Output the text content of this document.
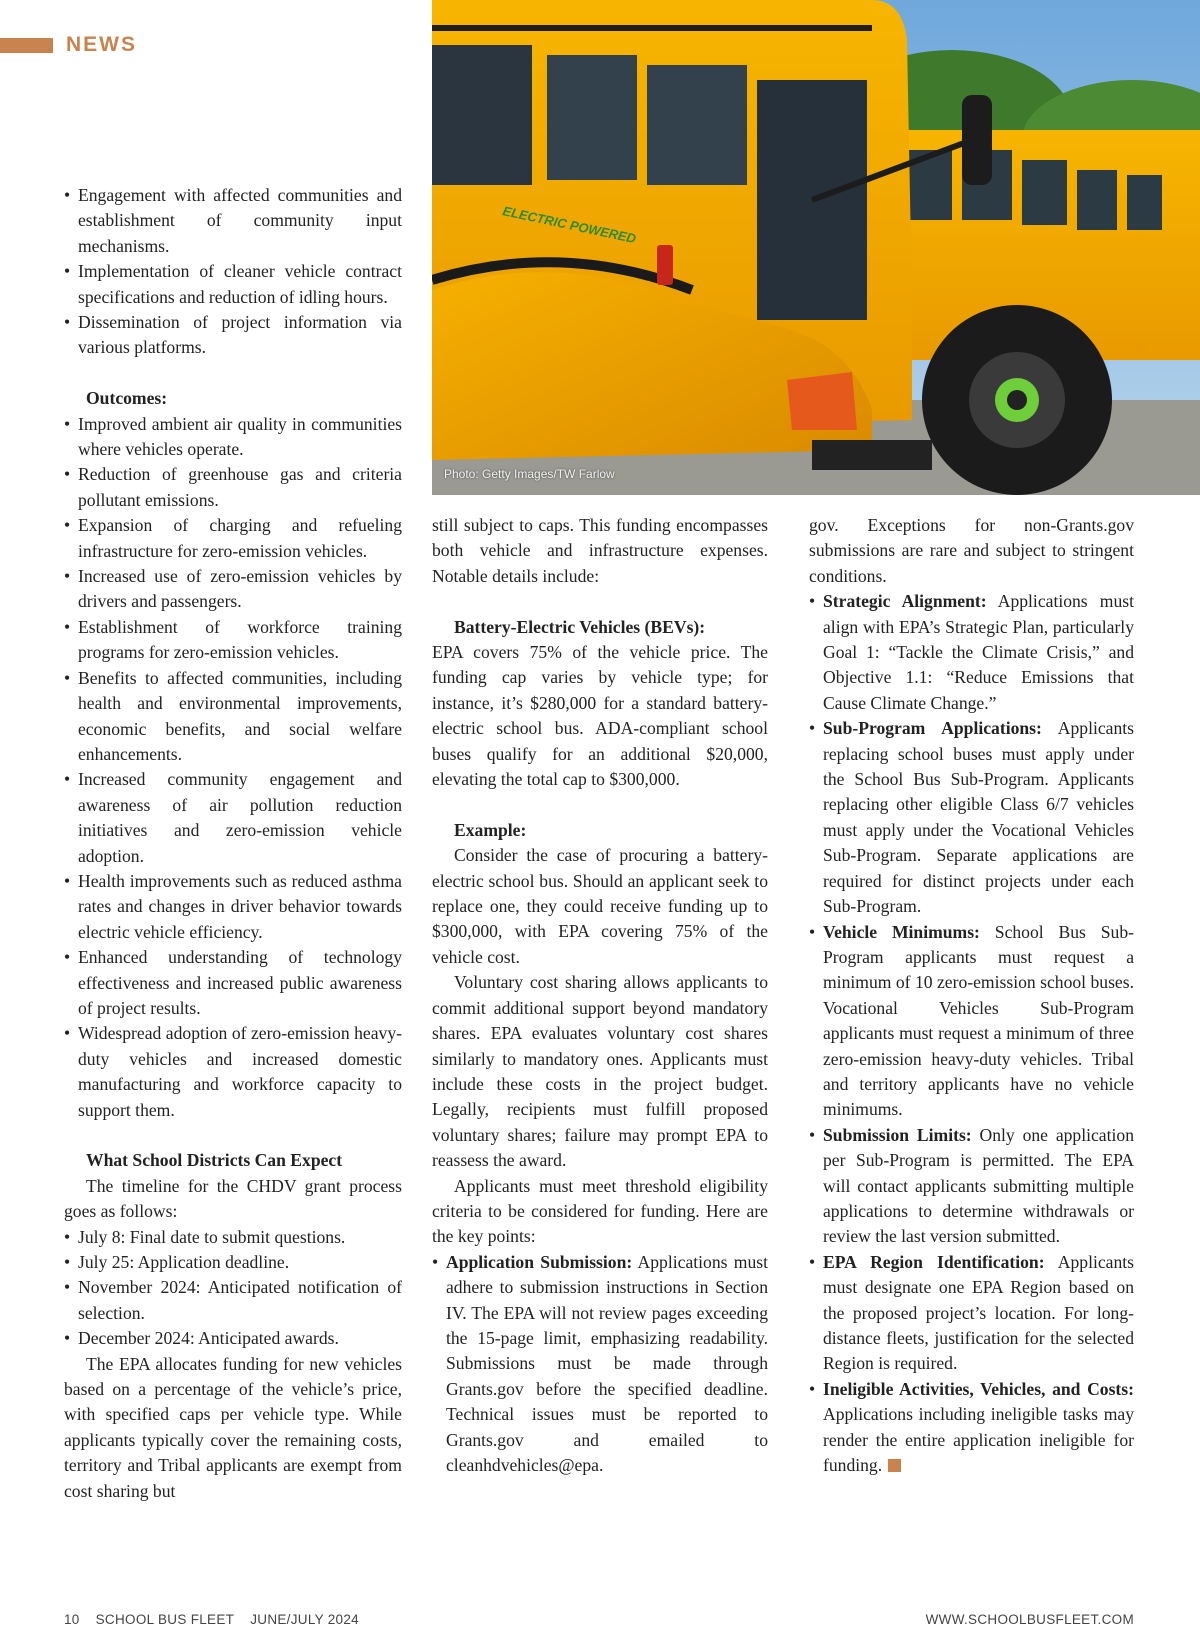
NEWS
ELECTRIC POWERED
Photo: Getty Images/TW Farlow
• Engagement with affected communities and establishment of community input mechanisms.
• Implementation of cleaner vehicle contract specifications and reduction of idling hours.
• Dissemination of project information via various platforms.

Outcomes:

• Improved ambient air quality in communities where vehicles operate.
• Reduction of greenhouse gas and criteria pollutant emissions.
• Expansion of charging and refueling infrastructure for zero-emission vehicles.
• Increased use of zero-emission vehicles by drivers and passengers.
• Establishment of workforce training programs for zero-emission vehicles.
• Benefits to affected communities, including health and environmental improvements, economic benefits, and social welfare enhancements.
• Increased community engagement and awareness of air pollution reduction initiatives and zero-emission vehicle adoption.
• Health improvements such as reduced asthma rates and changes in driver behavior towards electric vehicle efficiency.
• Enhanced understanding of technology effectiveness and increased public awareness of project results.
• Widespread adoption of zero-emission heavy-duty vehicles and increased domestic manufacturing and workforce capacity to support them.

What School Districts Can Expect

The timeline for the CHDV grant process goes as follows:

• July 8: Final date to submit questions.
• July 25: Application deadline.
• November 2024: Anticipated notification of selection.
• December 2024: Anticipated awards.

The EPA allocates funding for new vehicles based on a percentage of the vehicle’s price, with specified caps per vehicle type. While applicants typically cover the remaining costs, territory and Tribal applicants are exempt from cost sharing but

still subject to caps. This funding encompasses both vehicle and infrastructure expenses. Notable details include:

Battery-Electric Vehicles (BEVs):

EPA covers 75% of the vehicle price. The funding cap varies by vehicle type; for instance, it’s $280,000 for a standard battery-electric school bus. ADA-compliant school buses qualify for an additional $20,000, elevating the total cap to $300,000.

Example:

Consider the case of procuring a battery-electric school bus. Should an applicant seek to replace one, they could receive funding up to $300,000, with EPA covering 75% of the vehicle cost.

Voluntary cost sharing allows applicants to commit additional support beyond mandatory shares. EPA evaluates voluntary cost shares similarly to mandatory ones. Applicants must include these costs in the project budget. Legally, recipients must fulfill proposed voluntary shares; failure may prompt EPA to reassess the award.

Applicants must meet threshold eligibility criteria to be considered for funding. Here are the key points:

• Application Submission: Applications must adhere to submission instructions in Section IV. The EPA will not review pages exceeding the 15-page limit, emphasizing readability. Submissions must be made through Grants.gov before the specified deadline. Technical issues must be reported to Grants.gov and emailed to cleanhdvehicles@epa.

gov. Exceptions for non-Grants.gov submissions are rare and subject to stringent conditions.

• Strategic Alignment: Applications must align with EPA’s Strategic Plan, particularly Goal 1: “Tackle the Climate Crisis,” and Objective 1.1: “Reduce Emissions that Cause Climate Change.”
• Sub-Program Applications: Applicants replacing school buses must apply under the School Bus Sub-Program. Applicants replacing other eligible Class 6/7 vehicles must apply under the Vocational Vehicles Sub-Program. Separate applications are required for distinct projects under each Sub-Program.
• Vehicle Minimums: School Bus Sub-Program applicants must request a minimum of 10 zero-emission school buses. Vocational Vehicles Sub-Program applicants must request a minimum of three zero-emission heavy-duty vehicles. Tribal and territory applicants have no vehicle minimums.
• Submission Limits: Only one application per Sub-Program is permitted. The EPA will contact applicants submitting multiple applications to determine withdrawals or review the last version submitted.
• EPA Region Identification: Applicants must designate one EPA Region based on the proposed project’s location. For long-distance fleets, justification for the selected Region is required.
• Ineligible Activities, Vehicles, and Costs: Applications including ineligible tasks may render the entire application ineligible for funding.
10 SCHOOL BUS FLEET JUNE/JULY 2024	WWW.SCHOOLBUSFLEET.COM
